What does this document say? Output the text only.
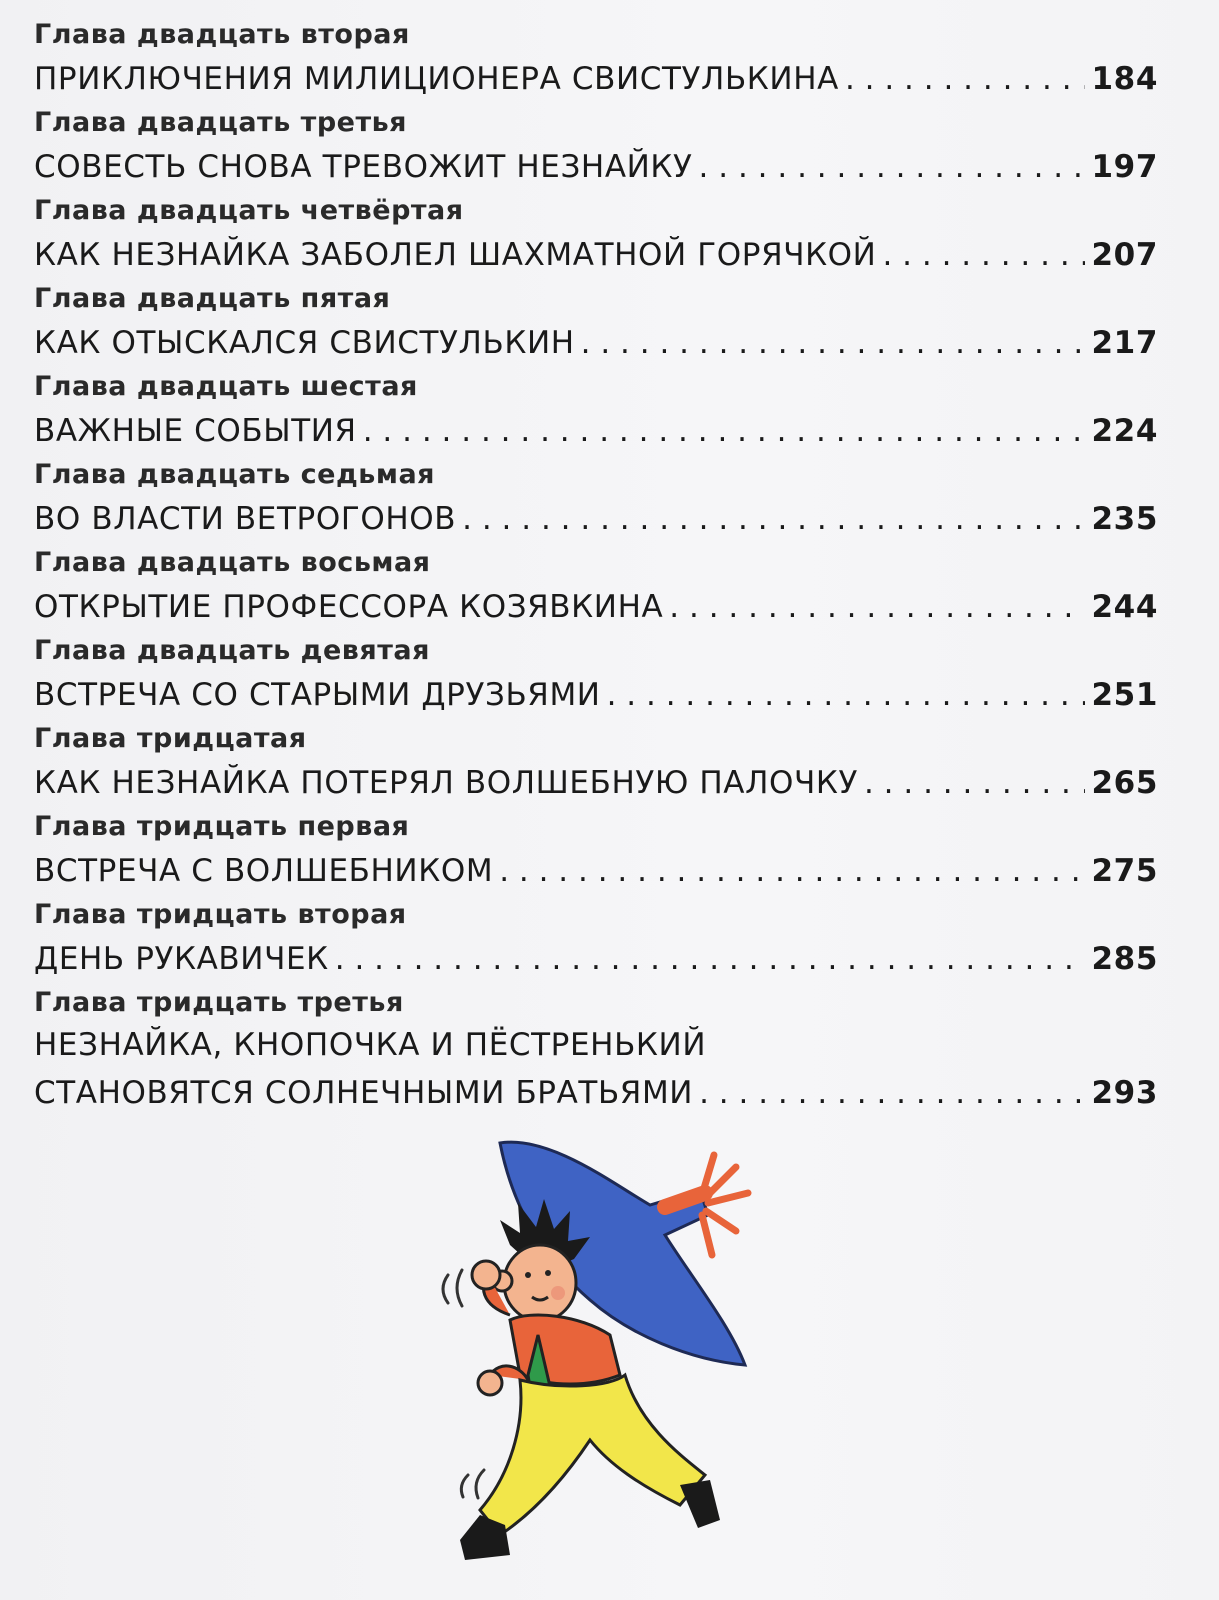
Глава двадцать вторая
ПРИКЛЮЧЕНИЯ МИЛИЦИОНЕРА СВИСТУЛЬКИНА . . .	184
Глава двадцать третья
СОВЕСТЬ СНОВА ТРЕВОЖИТ НЕЗНАЙКУ . . .	197
Глава двадцать четвёртая
КАК НЕЗНАЙКА ЗАБОЛЕЛ ШАХМАТНОЙ ГОРЯЧКОЙ . . .	207
Глава двадцать пятая
КАК ОТЫСКАЛСЯ СВИСТУЛЬКИН . . .	217
Глава двадцать шестая
ВАЖНЫЕ СОБЫТИЯ . . .	224
Глава двадцать седьмая
ВО ВЛАСТИ ВЕТРОГОНОВ . . .	235
Глава двадцать восьмая
ОТКРЫТИЕ ПРОФЕССОРА КОЗЯВКИНА . . .	244
Глава двадцать девятая
ВСТРЕЧА СО СТАРЫМИ ДРУЗЬЯМИ . . .	251
Глава тридцатая
КАК НЕЗНАЙКА ПОТЕРЯЛ ВОЛШЕБНУЮ ПАЛОЧКУ . . .	265
Глава тридцать первая
ВСТРЕЧА С ВОЛШЕБНИКОМ . . .	275
Глава тридцать вторая
ДЕНЬ РУКАВИЧЕК . . .	285
Глава тридцать третья
НЕЗНАЙКА, КНОПОЧКА И ПЁСТРЕНЬКИЙ
СТАНОВЯТСЯ СОЛНЕЧНЫМИ БРАТЬЯМИ . . .	293
